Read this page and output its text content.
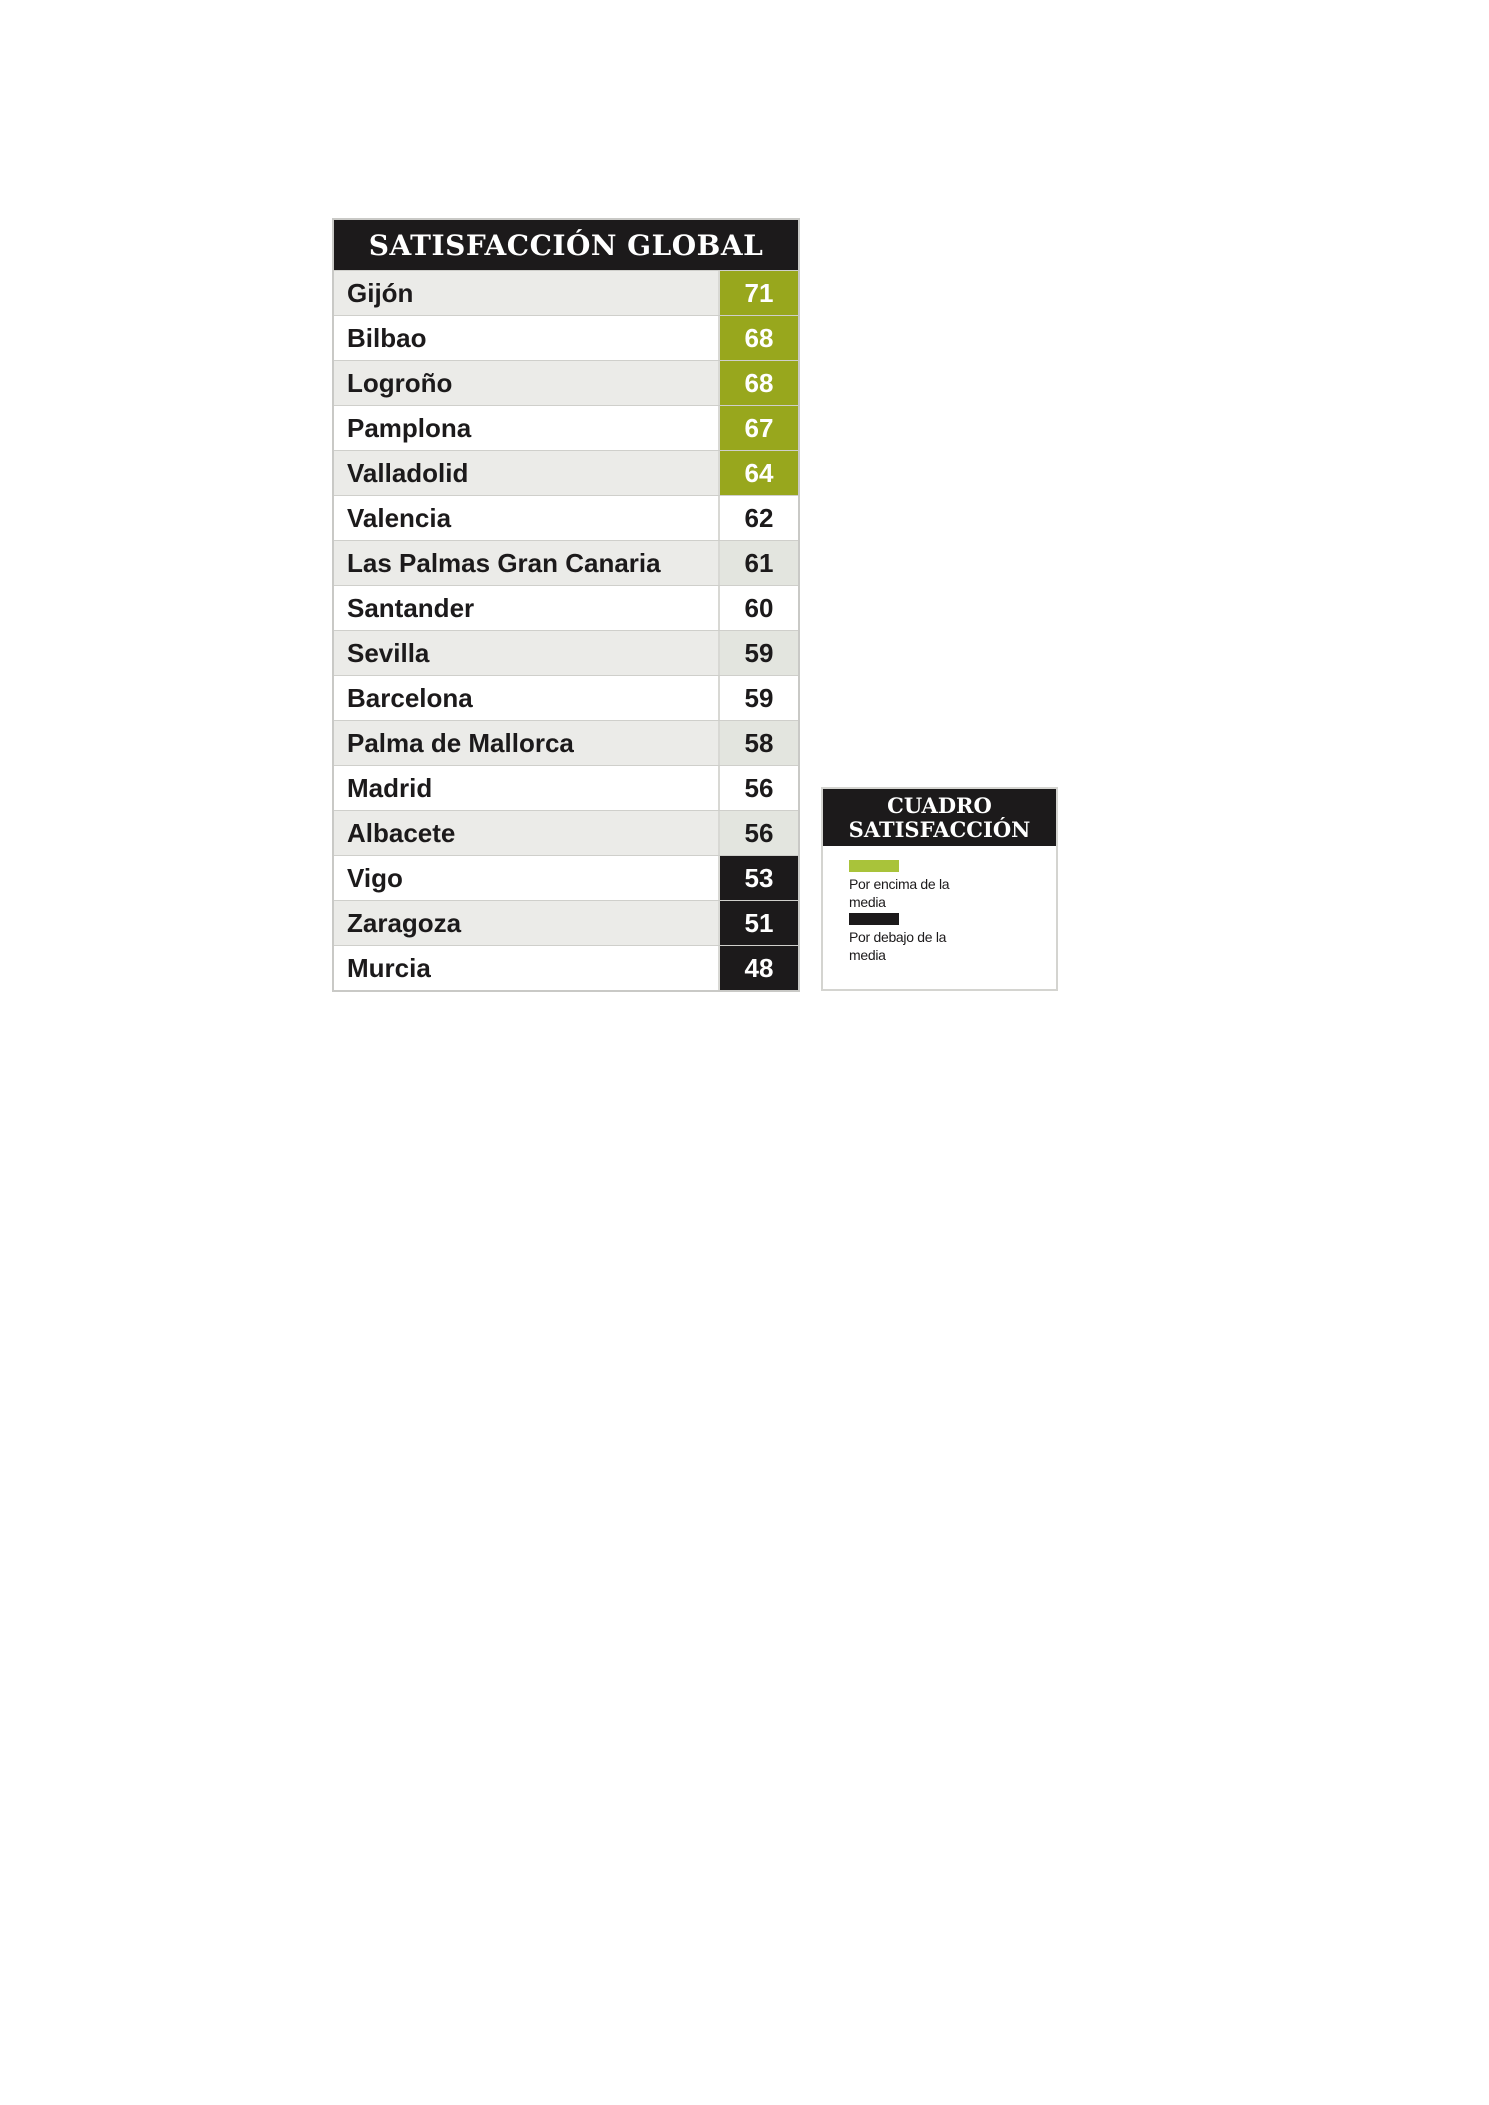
SATISFACCIÓN GLOBAL
Gijón	71
Bilbao	68
Logroño	68
Pamplona	67
Valladolid	64
Valencia	62
Las Palmas Gran Canaria	61
Santander	60
Sevilla	59
Barcelona	59
Palma de Mallorca	58
Madrid	56
Albacete	56
Vigo	53
Zaragoza	51
Murcia	48
CUADRO
SATISFACCIÓN
Por encima de la media
Por debajo de la media
